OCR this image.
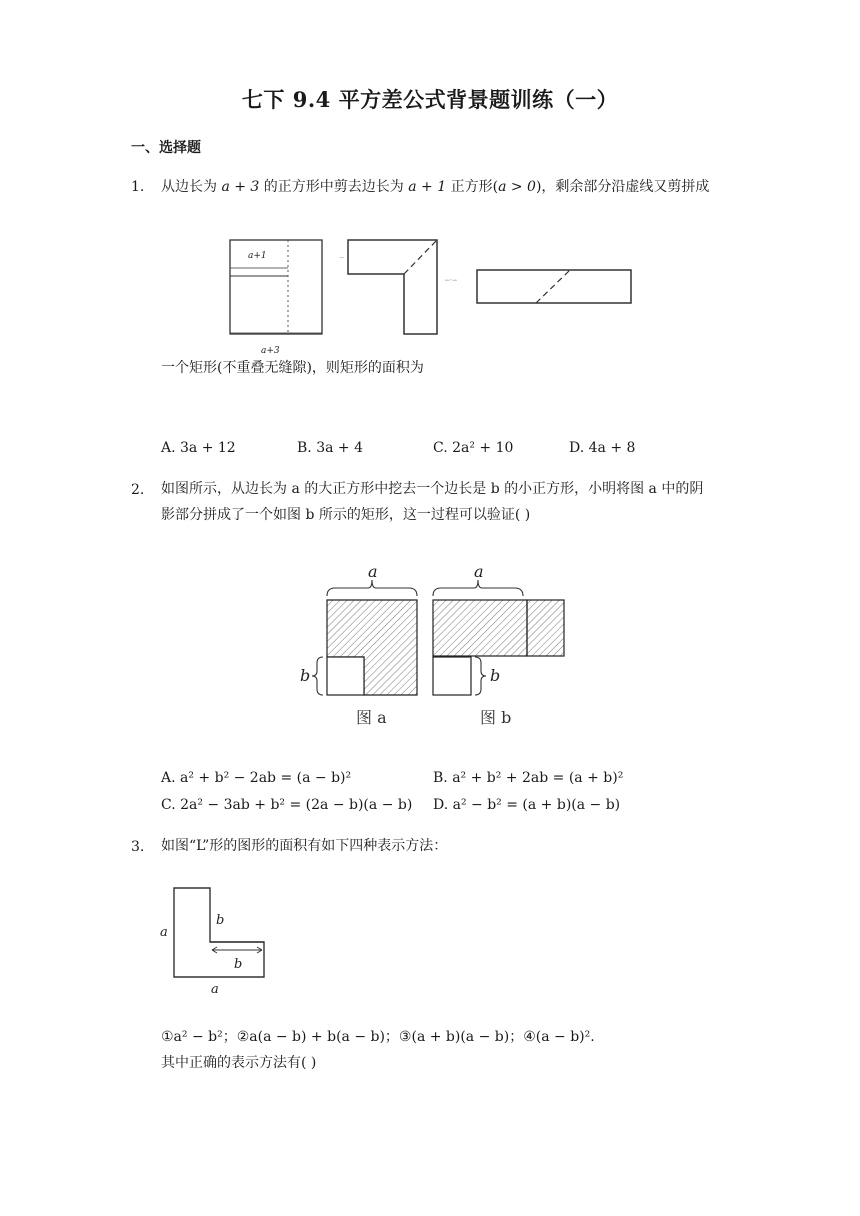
七下 9.4 平方差公式背景题训练（一）
一、选择题
1. 从边长为 a + 3 的正方形中剪去边长为 a + 1 正方形(a > 0)，剩余部分沿虚线又剪拼成
a+1
a+3
—
←·→
一个矩形(不重叠无缝隙)，则矩形的面积为
A. 3a + 12	B. 3a + 4	C. 2a² + 10	D. 4a + 8
2. 如图所示，从边长为 a 的大正方形中挖去一个边长是 b 的小正方形，小明将图 a 中的阴
影部分拼成了一个如图 b 所示的矩形，这一过程可以验证( )
a
b
图 a
a
b
图 b
A. a² + b² − 2ab = (a − b)²	B. a² + b² + 2ab = (a + b)²
C. 2a² − 3ab + b² = (2a − b)(a − b) D. a² − b² = (a + b)(a − b)
3. 如图“L”形的图形的面积有如下四种表示方法：
b
b
a
a
①a² − b²；②a(a − b) + b(a − b)；③(a + b)(a − b)；④(a − b)².
其中正确的表示方法有( )
